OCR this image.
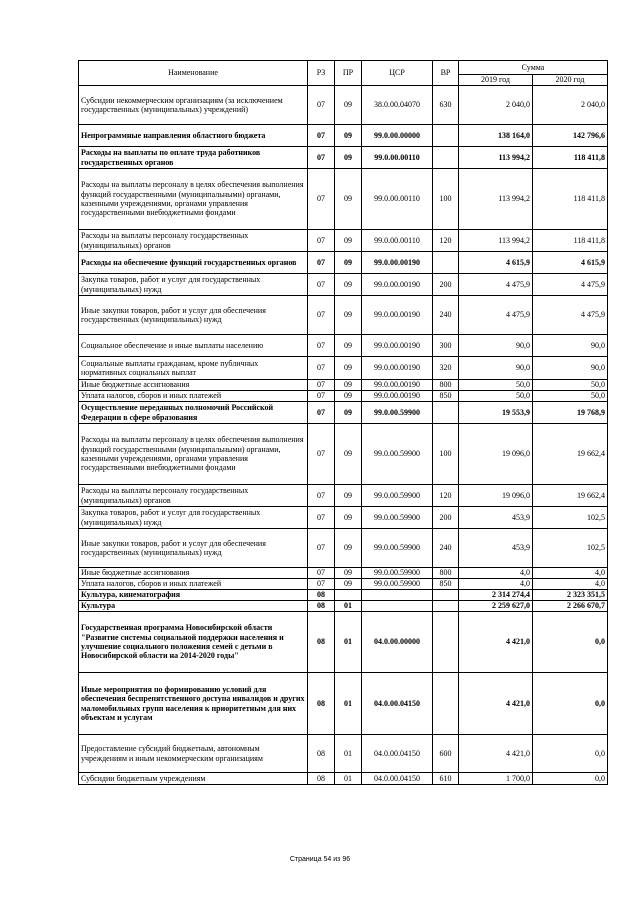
Наименование	РЗ	ПР	ЦСР	ВР	Сумма	
					2019 год	2020 год
Субсидии некоммерческим организациям (за исключением государственных (муниципальных) учреждений)	07	09	38.0.00.04070	630	2 040,0	2 040,0
Непрограммные направления областного бюджета	07	09	99.0.00.00000		138 164,0	142 796,6
Расходы на выплаты по оплате труда работников государственных органов	07	09	99.0.00.00110		113 994,2	118 411,8
Расходы на выплаты персоналу в целях обеспечения выполнения функций государственными (муниципальными) органами, казенными учреждениями, органами управления государственными внебюджетными фондами	07	09	99.0.00.00110	100	113 994,2	118 411,8
Расходы на выплаты персоналу государственных (муниципальных) органов	07	09	99.0.00.00110	120	113 994,2	118 411,8
Расходы на обеспечение функций государственных органов	07	09	99.0.00.00190		4 615,9	4 615,9
Закупка товаров, работ и услуг для государственных (муниципальных) нужд	07	09	99.0.00.00190	200	4 475,9	4 475,9
Иные закупки товаров, работ и услуг для обеспечения государственных (муниципальных) нужд	07	09	99.0.00.00190	240	4 475,9	4 475,9
Социальное обеспечение и иные выплаты населению	07	09	99.0.00.00190	300	90,0	90,0
Социальные выплаты гражданам, кроме публичных нормативных социальных выплат	07	09	99.0.00.00190	320	90,0	90,0
Иные бюджетные ассигнования	07	09	99.0.00.00190	800	50,0	50,0
Уплата налогов, сборов и иных платежей	07	09	99.0.00.00190	850	50,0	50,0
Осуществление переданных полномочий Российской Федерации в сфере образования	07	09	99.0.00.59900		19 553,9	19 768,9
Расходы на выплаты персоналу в целях обеспечения выполнения функций государственными (муниципальными) органами, казенными учреждениями, органами управления государственными внебюджетными фондами	07	09	99.0.00.59900	100	19 096,0	19 662,4
Расходы на выплаты персоналу государственных (муниципальных) органов	07	09	99.0.00.59900	120	19 096,0	19 662,4
Закупка товаров, работ и услуг для государственных (муниципальных) нужд	07	09	99.0.00.59900	200	453,9	102,5
Иные закупки товаров, работ и услуг для обеспечения государственных (муниципальных) нужд	07	09	99.0.00.59900	240	453,9	102,5
Иные бюджетные ассигнования	07	09	99.0.00.59900	800	4,0	4,0
Уплата налогов, сборов и иных платежей	07	09	99.0.00.59900	850	4,0	4,0
Культура, кинематография	08				2 314 274,4	2 323 351,5
Культура	08	01			2 259 627,0	2 266 670,7
Государственная программа Новосибирской области "Развитие системы социальной поддержки населения и улучшение социального положения семей с детьми в Новосибирской области на 2014-2020 годы"	08	01	04.0.00.00000		4 421,0	0,0
Иные мероприятия по формированию условий для обеспечения беспрепятственного доступа инвалидов и других маломобильных групп населения к приоритетным для них объектам и услугам	08	01	04.0.00.04150		4 421,0	0,0
Предоставление субсидий бюджетным, автономным учреждениям и иным некоммерческим организациям	08	01	04.0.00.04150	600	4 421,0	0,0
Субсидии бюджетным учреждениям	08	01	04.0.00.04150	610	1 700,0	0,0
Страница 54 из 96
